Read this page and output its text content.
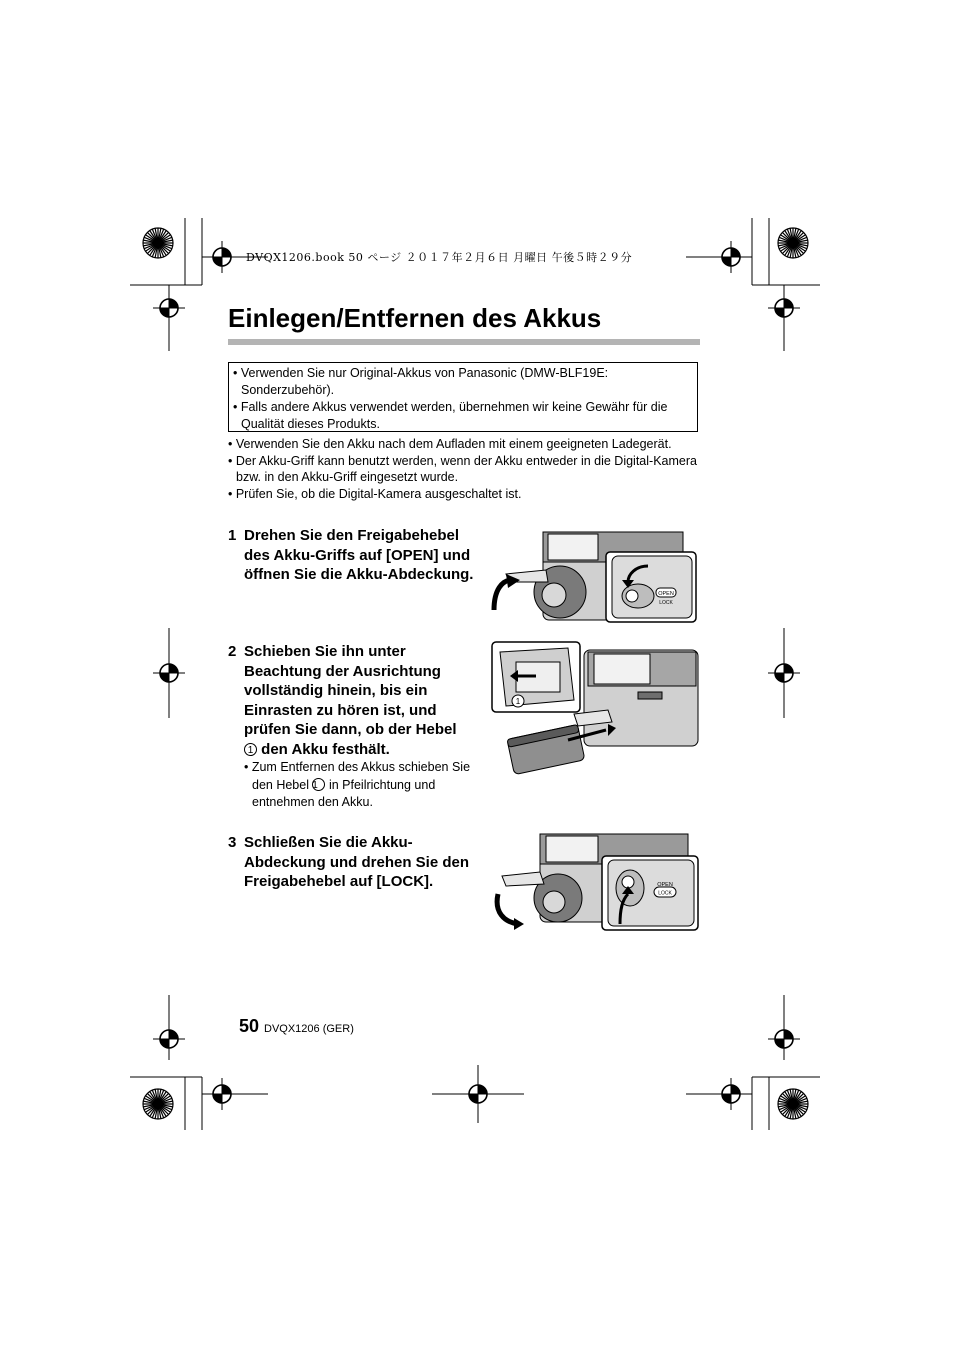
DVQX1206.book 50 ページ ２０１７年２月６日 月曜日 午後５時２９分
Einlegen/Entfernen des Akkus
• Verwenden Sie nur Original-Akkus von Panasonic (DMW-BLF19E: Sonderzubehör).
• Falls andere Akkus verwendet werden, übernehmen wir keine Gewähr für die Qualität dieses Produkts.
• Verwenden Sie den Akku nach dem Aufladen mit einem geeigneten Ladegerät.
• Der Akku-Griff kann benutzt werden, wenn der Akku entweder in die Digital-Kamera bzw. in den Akku-Griff eingesetzt wurde.
• Prüfen Sie, ob die Digital-Kamera ausgeschaltet ist.
1 Drehen Sie den Freigabehebel des Akku-Griffs auf [OPEN] und öffnen Sie die Akku-Abdeckung.
2 Schieben Sie ihn unter Beachtung der Ausrichtung vollständig hinein, bis ein Einrasten zu hören ist, und prüfen Sie dann, ob der Hebel
1 den Akku festhält.
• Zum Entfernen des Akkus schieben Sie den Hebel 1 in Pfeilrichtung und entnehmen den Akku.
3 Schließen Sie die Akku-Abdeckung und drehen Sie den Freigabehebel auf [LOCK].
OPEN
LOCK
1
OPEN
LOCK
50 DVQX1206 (GER)
